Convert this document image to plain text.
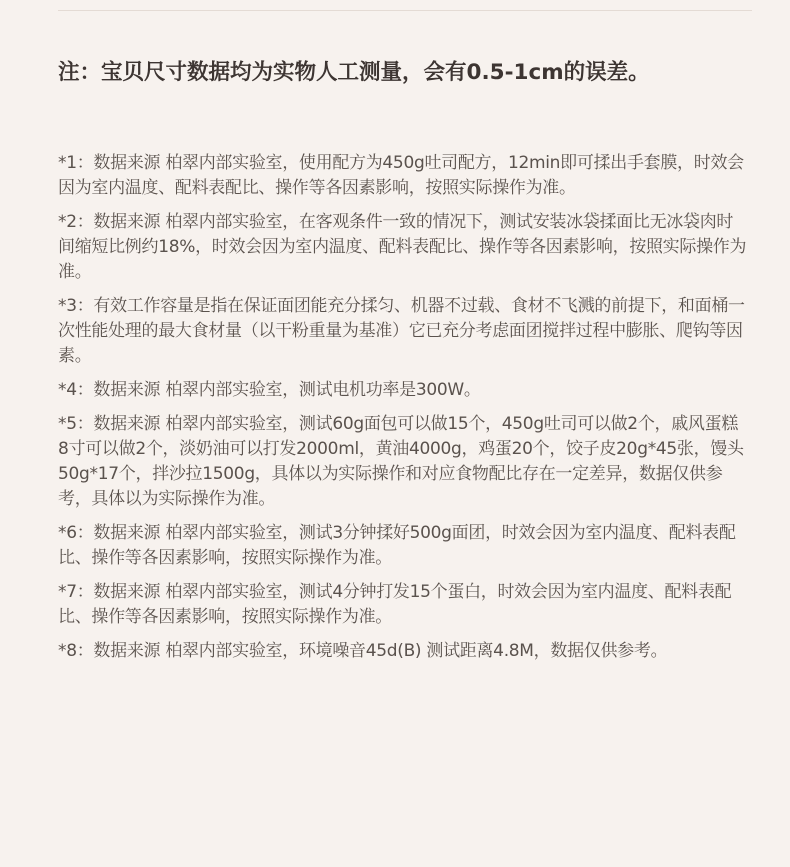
注：宝贝尺寸数据均为实物人工测量，会有0.5-1cm的误差。
*1：数据来源 柏翠内部实验室，使用配方为450g吐司配方，12min即可揉出手套膜，时效会因为室内温度、配料表配比、操作等各因素影响，按照实际操作为准。
*2：数据来源 柏翠内部实验室，在客观条件一致的情况下，测试安装冰袋揉面比无冰袋肉时间缩短比例约18%，时效会因为室内温度、配料表配比、操作等各因素影响，按照实际操作为准。
*3：有效工作容量是指在保证面团能充分揉匀、机器不过载、食材不飞溅的前提下，和面桶一次性能处理的最大食材量（以干粉重量为基准）它已充分考虑面团搅拌过程中膨胀、爬钩等因素。
*4：数据来源 柏翠内部实验室，测试电机功率是300W。
*5：数据来源 柏翠内部实验室，测试60g面包可以做15个，450g吐司可以做2个，戚风蛋糕8寸可以做2个，淡奶油可以打发2000ml，黄油4000g，鸡蛋20个，饺子皮20g*45张，馒头50g*17个，拌沙拉1500g，具体以为实际操作和对应食物配比存在一定差异，数据仅供参考，具体以为实际操作为准。
*6：数据来源 柏翠内部实验室，测试3分钟揉好500g面团，时效会因为室内温度、配料表配比、操作等各因素影响，按照实际操作为准。
*7：数据来源 柏翠内部实验室，测试4分钟打发15个蛋白，时效会因为室内温度、配料表配比、操作等各因素影响，按照实际操作为准。
*8：数据来源 柏翠内部实验室，环境噪音45d(B) 测试距离4.8M，数据仅供参考。
